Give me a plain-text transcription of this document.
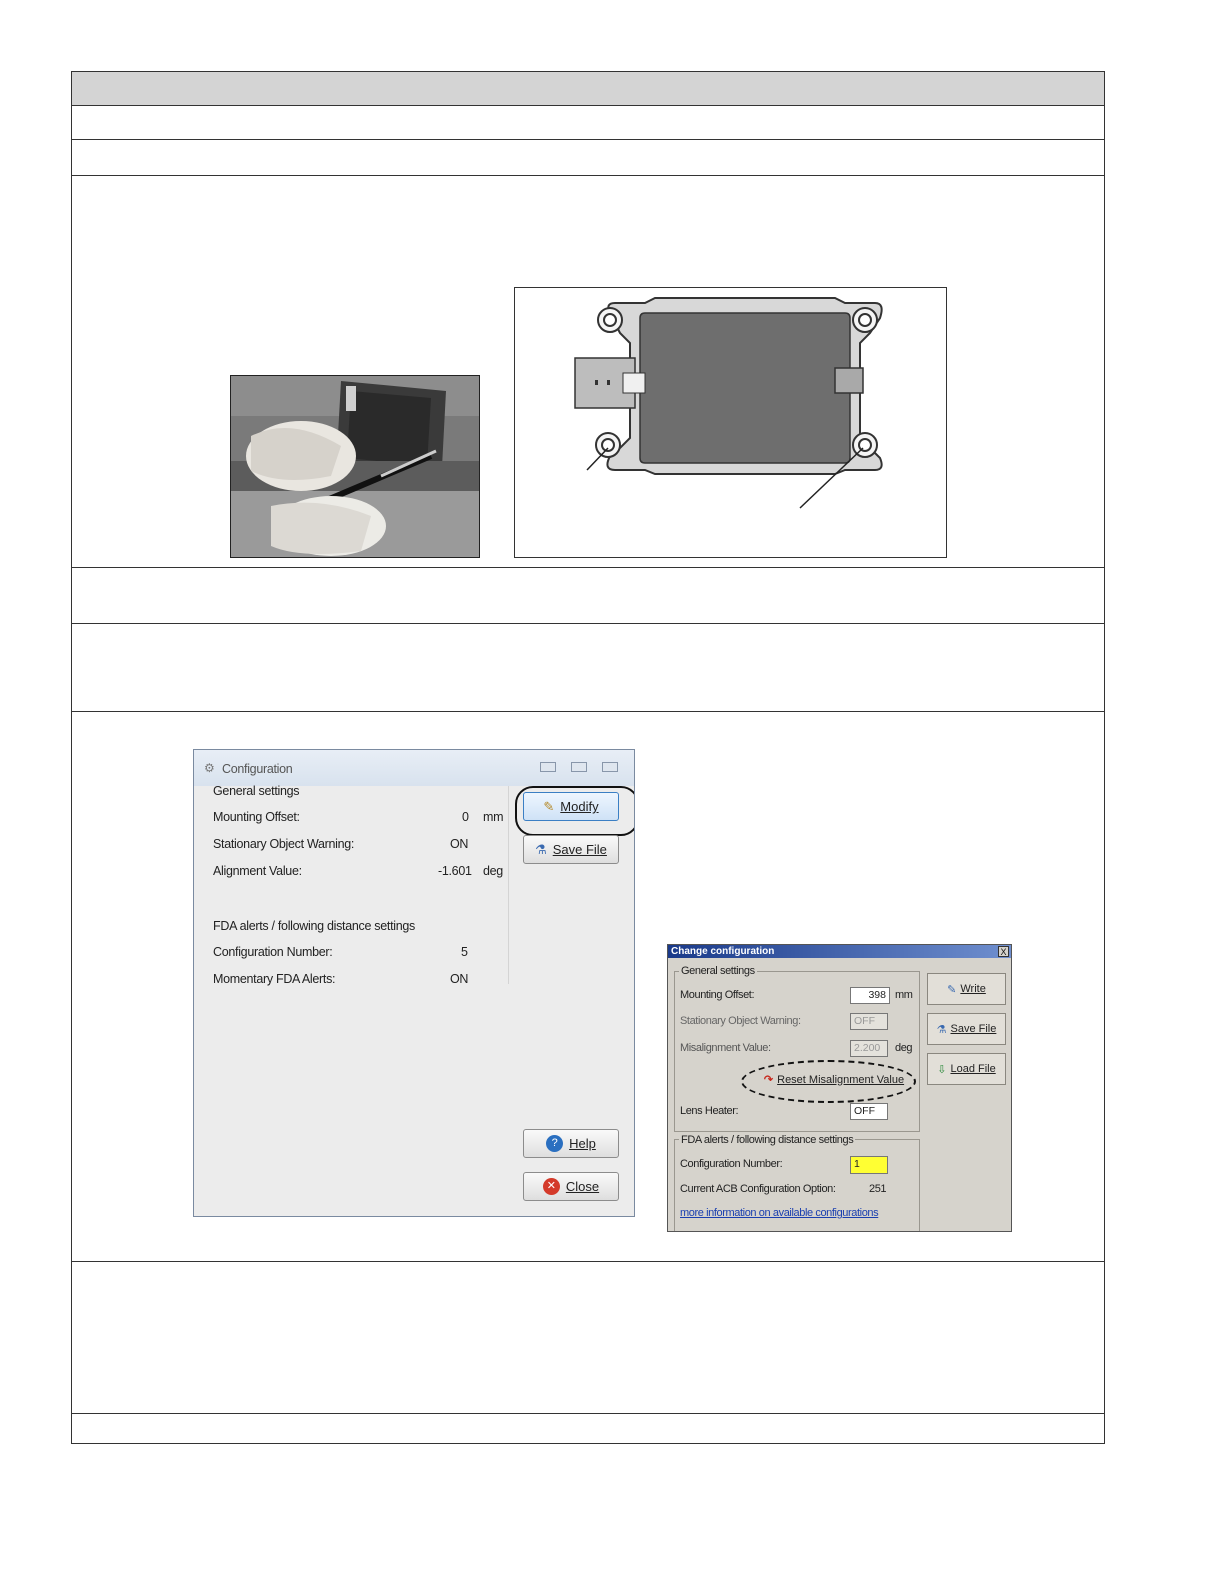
⚙ Configuration
General settings
Mounting Offset:	0 mm
Stationary Object Warning:	ON
Alignment Value:	-1.601 deg
FDA alerts / following distance settings
Configuration Number:	5
Momentary FDA Alerts:	ON
✎ Modify
⚗ Save File
? Help
✕ Close
Change configuration	X
General settings
Mounting Offset:	398 mm
Stationary Object Warning:	OFF
Misalignment Value:	2.200	deg
↷ Reset Misalignment Value
Lens Heater:	OFF
FDA alerts / following distance settings
Configuration Number:	1
Current ACB Configuration Option:	251
more information on available configurations
✎ Write
⚗ Save File
⇩ Load File
